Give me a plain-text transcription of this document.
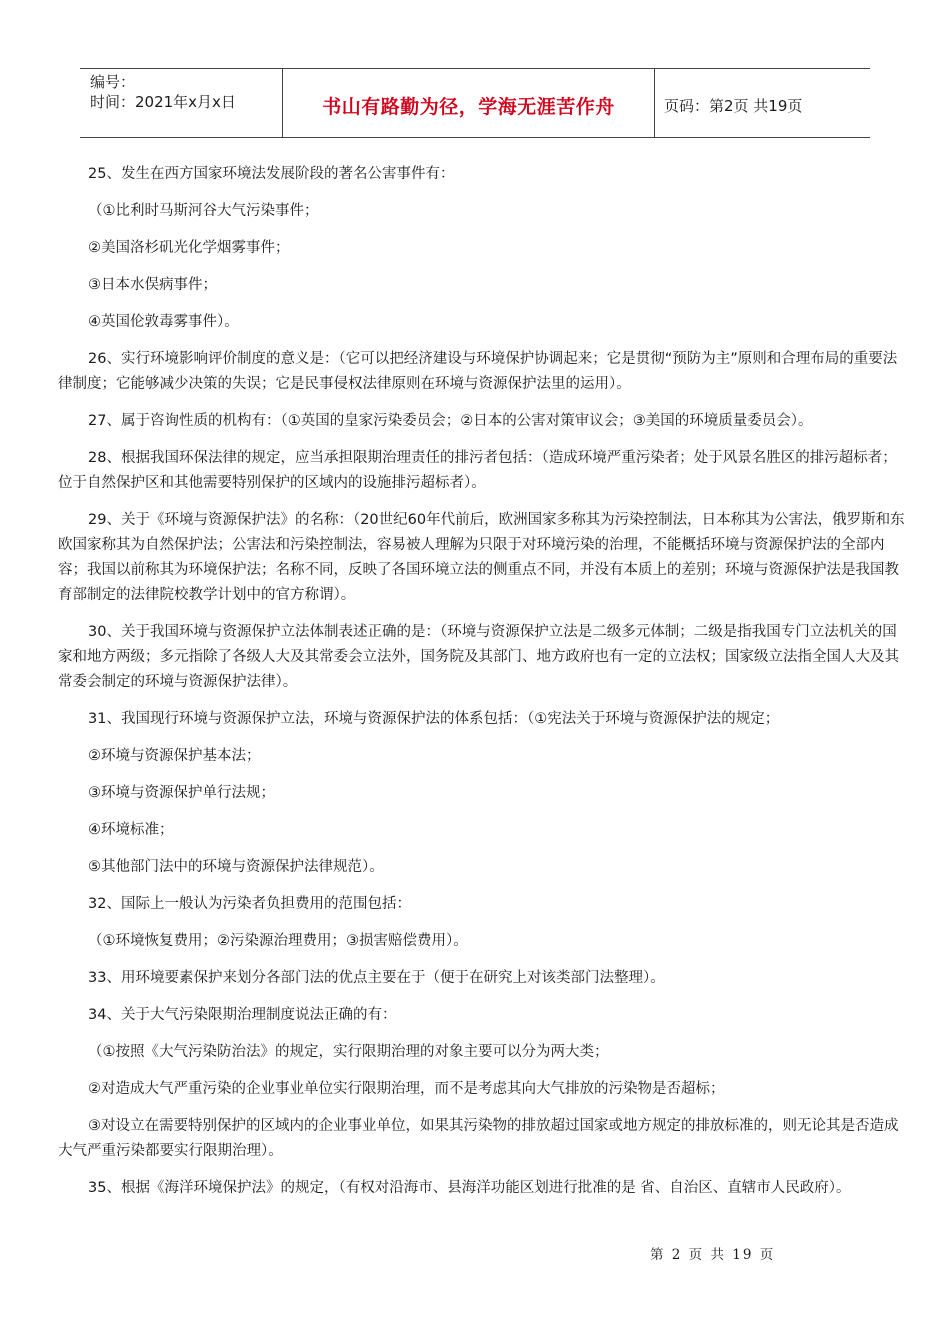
编号：
时间：2021年x月x日	书山有路勤为径，学海无涯苦作舟	页码：第2页 共19页

25、发生在西方国家环境法发展阶段的著名公害事件有：

（①比利时马斯河谷大气污染事件；

②美国洛杉矶光化学烟雾事件；

③日本水俣病事件；

④英国伦敦毒雾事件）。

26、实行环境影响评价制度的意义是：（它可以把经济建设与环境保护协调起来；它是贯彻“预防为主”原则和合理布局的重要法律制度；它能够减少决策的失误；它是民事侵权法律原则在环境与资源保护法里的运用）。

27、属于咨询性质的机构有：（①英国的皇家污染委员会；②日本的公害对策审议会；③美国的环境质量委员会）。

28、根据我国环保法律的规定，应当承担限期治理责任的排污者包括：（造成环境严重污染者；处于风景名胜区的排污超标者；位于自然保护区和其他需要特别保护的区域内的设施排污超标者）。

29、关于《环境与资源保护法》的名称：（20世纪60年代前后，欧洲国家多称其为污染控制法，日本称其为公害法，俄罗斯和东欧国家称其为自然保护法；公害法和污染控制法，容易被人理解为只限于对环境污染的治理，不能概括环境与资源保护法的全部内容；我国以前称其为环境保护法；名称不同，反映了各国环境立法的侧重点不同，并没有本质上的差别；环境与资源保护法是我国教育部制定的法律院校教学计划中的官方称谓）。

30、关于我国环境与资源保护立法体制表述正确的是：（环境与资源保护立法是二级多元体制；二级是指我国专门立法机关的国家和地方两级；多元指除了各级人大及其常委会立法外，国务院及其部门、地方政府也有一定的立法权；国家级立法指全国人大及其常委会制定的环境与资源保护法律）。

31、我国现行环境与资源保护立法，环境与资源保护法的体系包括：（①宪法关于环境与资源保护法的规定；

②环境与资源保护基本法；

③环境与资源保护单行法规；

④环境标准；

⑤其他部门法中的环境与资源保护法律规范）。

32、国际上一般认为污染者负担费用的范围包括：

（①环境恢复费用；②污染源治理费用；③损害赔偿费用）。

33、用环境要素保护来划分各部门法的优点主要在于（便于在研究上对该类部门法整理）。

34、关于大气污染限期治理制度说法正确的有：

（①按照《大气污染防治法》的规定，实行限期治理的对象主要可以分为两大类；

②对造成大气严重污染的企业事业单位实行限期治理，而不是考虑其向大气排放的污染物是否超标；

③对设立在需要特别保护的区域内的企业事业单位，如果其污染物的排放超过国家或地方规定的排放标准的，则无论其是否造成大气严重污染都要实行限期治理）。

35、根据《海洋环境保护法》的规定，（有权对沿海市、县海洋功能区划进行批准的是 省、自治区、直辖市人民政府）。

第 2 页 共 19 页
